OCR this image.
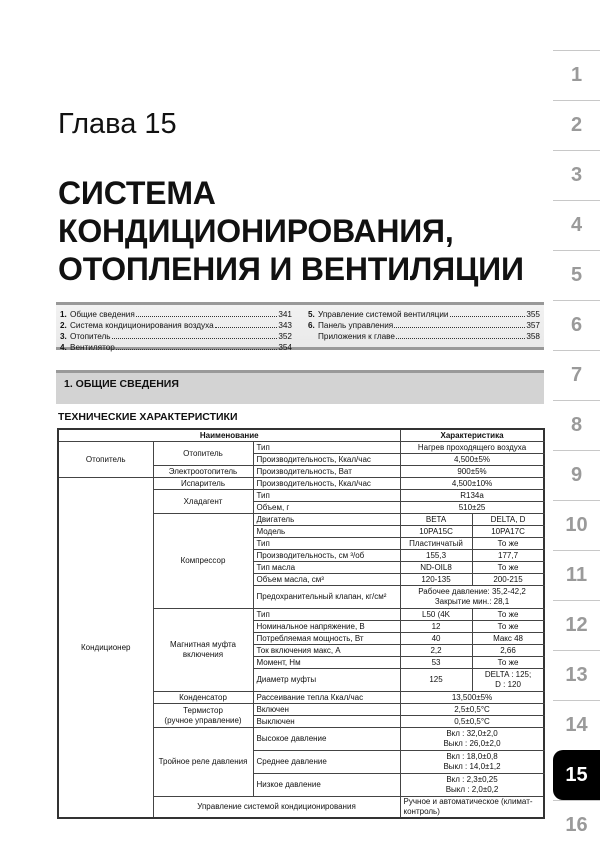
1
2
3
4
5
6
7
8
9
10
11
12
13
14
15
16
Глава 15
СИСТЕМА
КОНДИЦИОНИРОВАНИЯ,
ОТОПЛЕНИЯ И ВЕНТИЛЯЦИИ
1. Общие сведения	341
2. Система кондиционирования воздуха	343
3. Отопитель	352
4. Вентилятор	354
5. Управление системой вентиляции	355
6. Панель управления	357
Приложения к главе	358
1. ОБЩИЕ СВЕДЕНИЯ
ТЕХНИЧЕСКИЕ ХАРАКТЕРИСТИКИ
Наименование			Характеристика	
Отопитель	Отопитель	Тип	Нагрев проходящего воздуха	
		Производительность, Ккал/час	4,500±5%	
	Электроотопитель	Производительность, Ват	900±5%	
Кондиционер	Испаритель	Производительность, Ккал/час	4,500±10%	
	Хладагент	Тип	R134a	
		Объем, г	510±25	
	Компрессор	Двигатель	BETA	DELTA, D
		Модель	10PA15C	10PA17C
		Тип	Пластинчатый	То же
		Производительность, см ³/об	155,3	177,7
		Тип масла	ND-OIL8	То же
		Объем масла, см³	120-135	200-215
		Предохранительный клапан, кг/см²	Рабочее давление: 35,2-42,2
Закрытие мин.: 28,1	

	Магнитная муфта
включения	Тип	L50 (4K	То же
		Номинальное напряжение, В	12	То же
		Потребляемая мощность, Вт	40	Макс 48
		Ток включения макс, А	2,2	2,66
		Момент, Нм	53	То же
		Диаметр муфты	125	DELTA : 125;
D : 120

	Конденсатор	Рассеивание тепла Ккал/час	13,500±5%	

	Термистор
(ручное управление)	Включен	2,5±0,5°C	
		Выключен	0,5±0,5°C	
	Тройное реле давления	Высокое давление	Вкл : 32,0±2,0
Выкл : 26,0±2,0	

		Среднее давление	Вкл : 18,0±0,8
Выкл : 14,0±1,2	

		Низкое давление	Вкл : 2,3±0,25
Выкл : 2,0±0,2	

	Управление системой кондиционирования		Ручное и автоматическое (климат-контроль)	
